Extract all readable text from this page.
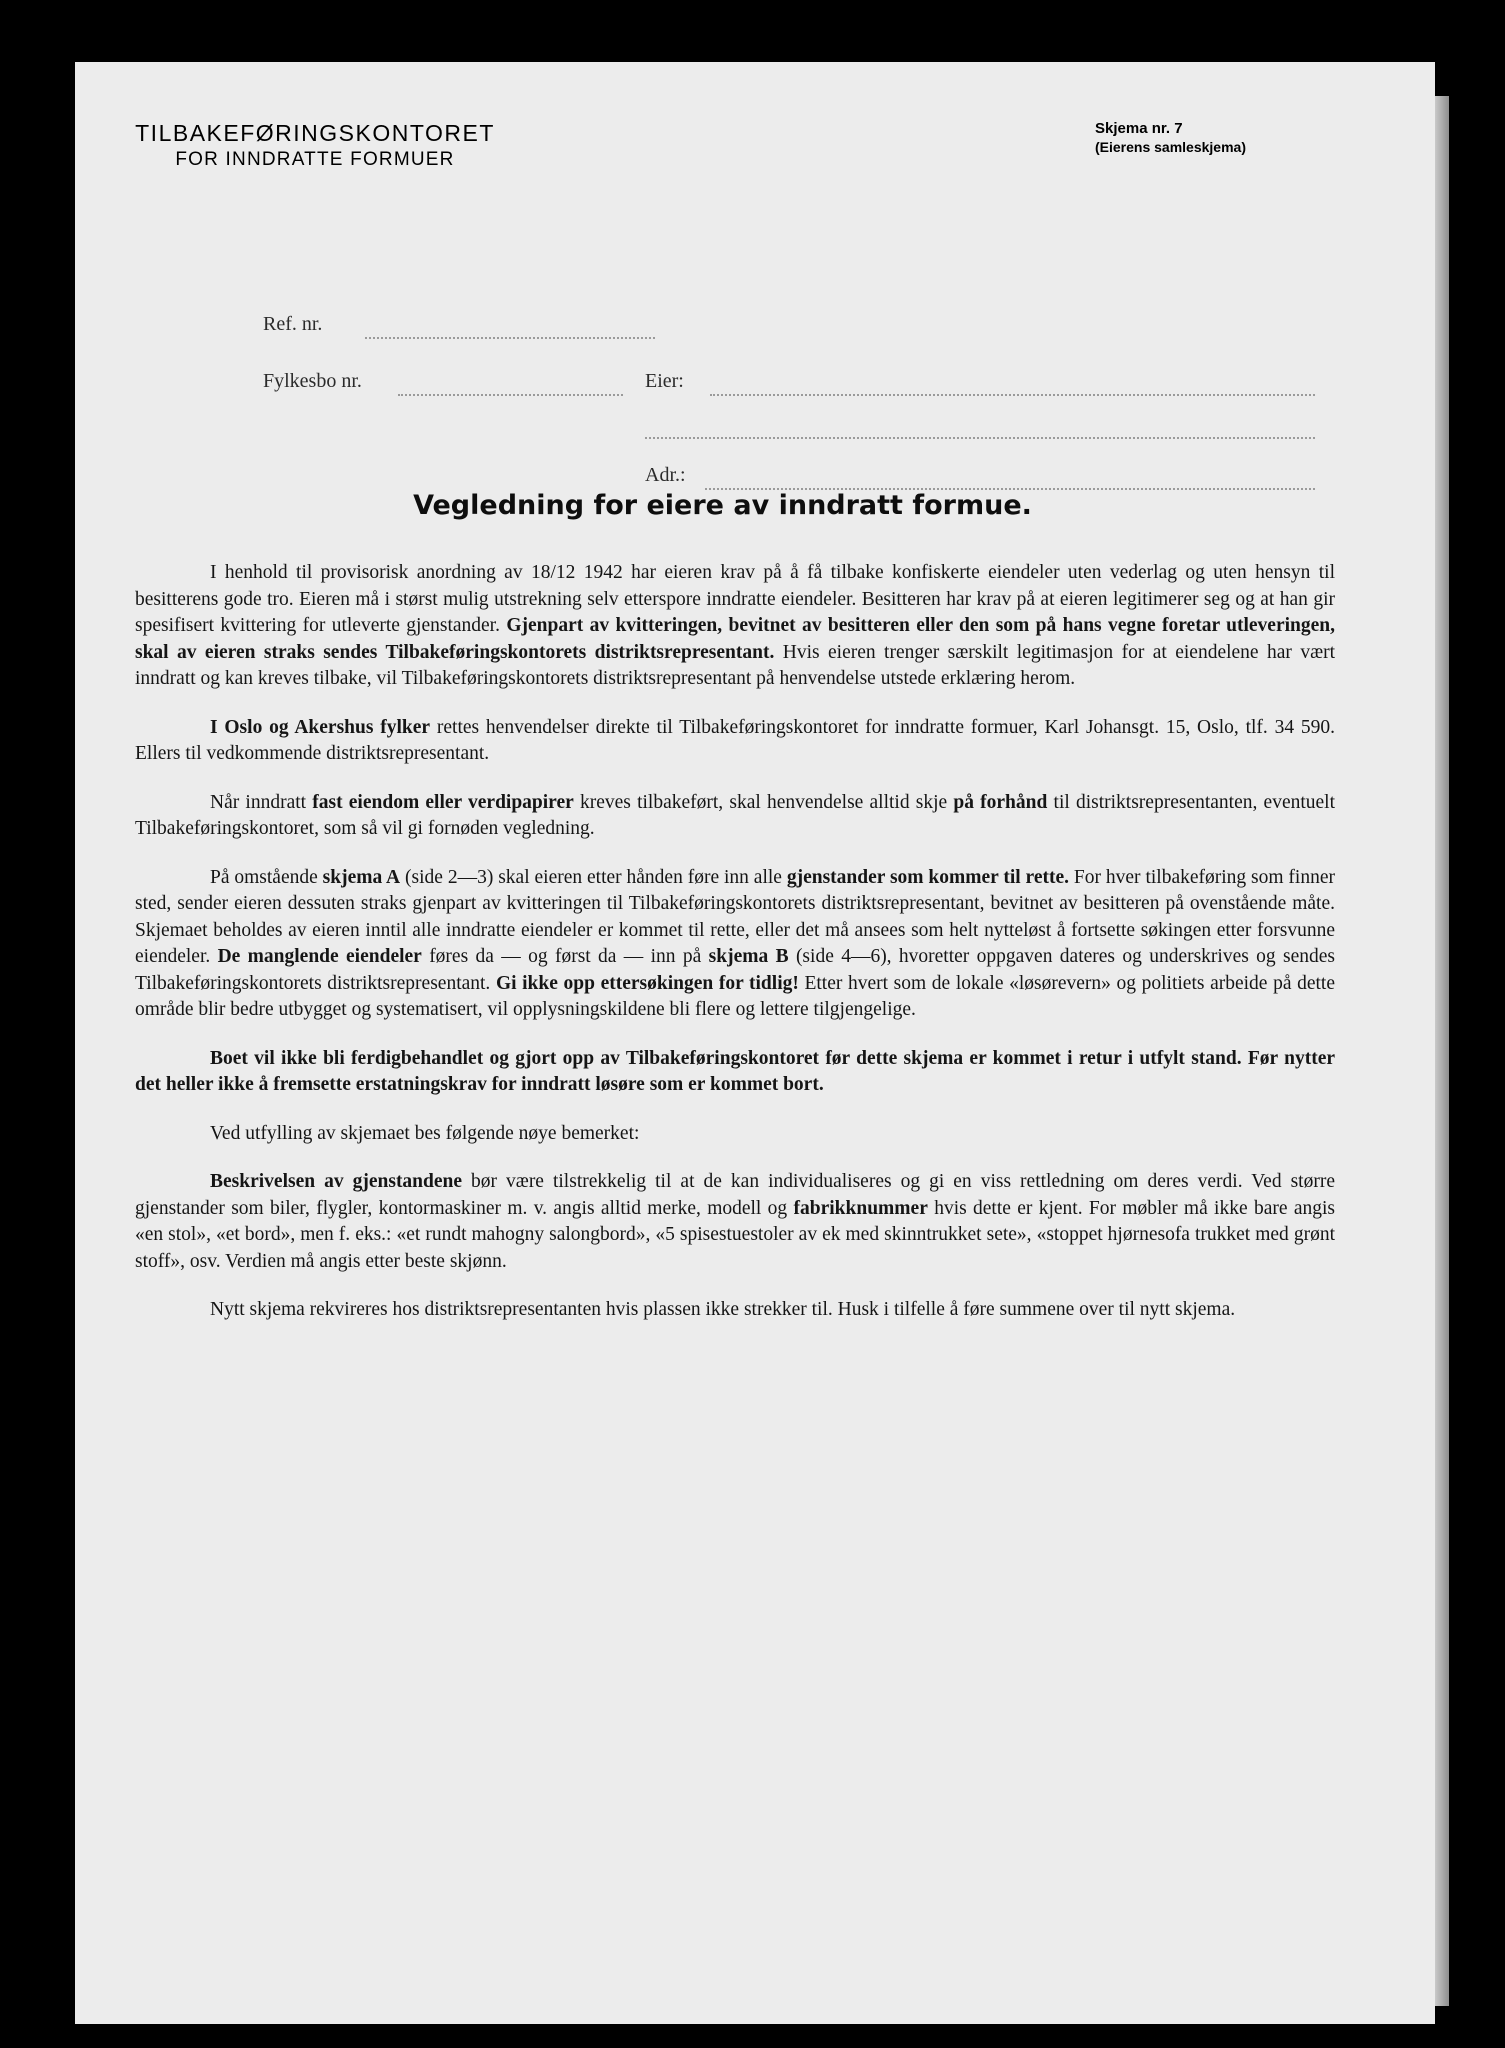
TILBAKEFØRINGSKONTORET
FOR INNDRATTE FORMUER
Skjema nr. 7
(Eierens samleskjema)
Ref. nr.
Fylkesbo nr.	Eier:
Adr.:
Vegledning for eiere av inndratt formue.

I henhold til provisorisk anordning av 18/12 1942 har eieren krav på å få tilbake konfiskerte eiendeler uten vederlag og uten hensyn til besitterens gode tro. Eieren må i størst mulig utstrekning selv etterspore inndratte eiendeler. Besitteren har krav på at eieren legitimerer seg og at han gir spesifisert kvittering for utleverte gjenstander. Gjenpart av kvitteringen, bevitnet av besitteren eller den som på hans vegne foretar utleveringen, skal av eieren straks sendes Tilbakeføringskontorets distriktsrepresentant. Hvis eieren trenger særskilt legitimasjon for at eiendelene har vært inndratt og kan kreves tilbake, vil Tilbakeføringskontorets distriktsrepresentant på henvendelse utstede erklæring herom.

I Oslo og Akershus fylker rettes henvendelser direkte til Tilbakeføringskontoret for inndratte formuer, Karl Johansgt. 15, Oslo, tlf. 34 590. Ellers til vedkommende distriktsrepresentant.

Når inndratt fast eiendom eller verdipapirer kreves tilbakeført, skal henvendelse alltid skje på forhånd til distriktsrepresentanten, eventuelt Tilbakeføringskontoret, som så vil gi fornøden vegledning.

På omstående skjema A (side 2—3) skal eieren etter hånden føre inn alle gjenstander som kommer til rette. For hver tilbakeføring som finner sted, sender eieren dessuten straks gjenpart av kvitteringen til Tilbakeføringskontorets distriktsrepresentant, bevitnet av besitteren på ovenstående måte. Skjemaet beholdes av eieren inntil alle inndratte eiendeler er kommet til rette, eller det må ansees som helt nytteløst å fortsette søkingen etter forsvunne eiendeler. De manglende eiendeler føres da — og først da — inn på skjema B (side 4—6), hvoretter oppgaven dateres og underskrives og sendes Tilbakeføringskontorets distriktsrepresentant. Gi ikke opp ettersøkingen for tidlig! Etter hvert som de lokale «løsørevern» og politiets arbeide på dette område blir bedre utbygget og systematisert, vil opplysningskildene bli flere og lettere tilgjengelige.

Boet vil ikke bli ferdigbehandlet og gjort opp av Tilbakeføringskontoret før dette skjema er kommet i retur i utfylt stand. Før nytter det heller ikke å fremsette erstatningskrav for inndratt løsøre som er kommet bort.

Ved utfylling av skjemaet bes følgende nøye bemerket:

Beskrivelsen av gjenstandene bør være tilstrekkelig til at de kan individualiseres og gi en viss rettledning om deres verdi. Ved større gjenstander som biler, flygler, kontormaskiner m. v. angis alltid merke, modell og fabrikknummer hvis dette er kjent. For møbler må ikke bare angis «en stol», «et bord», men f. eks.: «et rundt mahogny salongbord», «5 spisestuestoler av ek med skinntrukket sete», «stoppet hjørnesofa trukket med grønt stoff», osv. Verdien må angis etter beste skjønn.

Nytt skjema rekvireres hos distriktsrepresentanten hvis plassen ikke strekker til. Husk i tilfelle å føre summene over til nytt skjema.
